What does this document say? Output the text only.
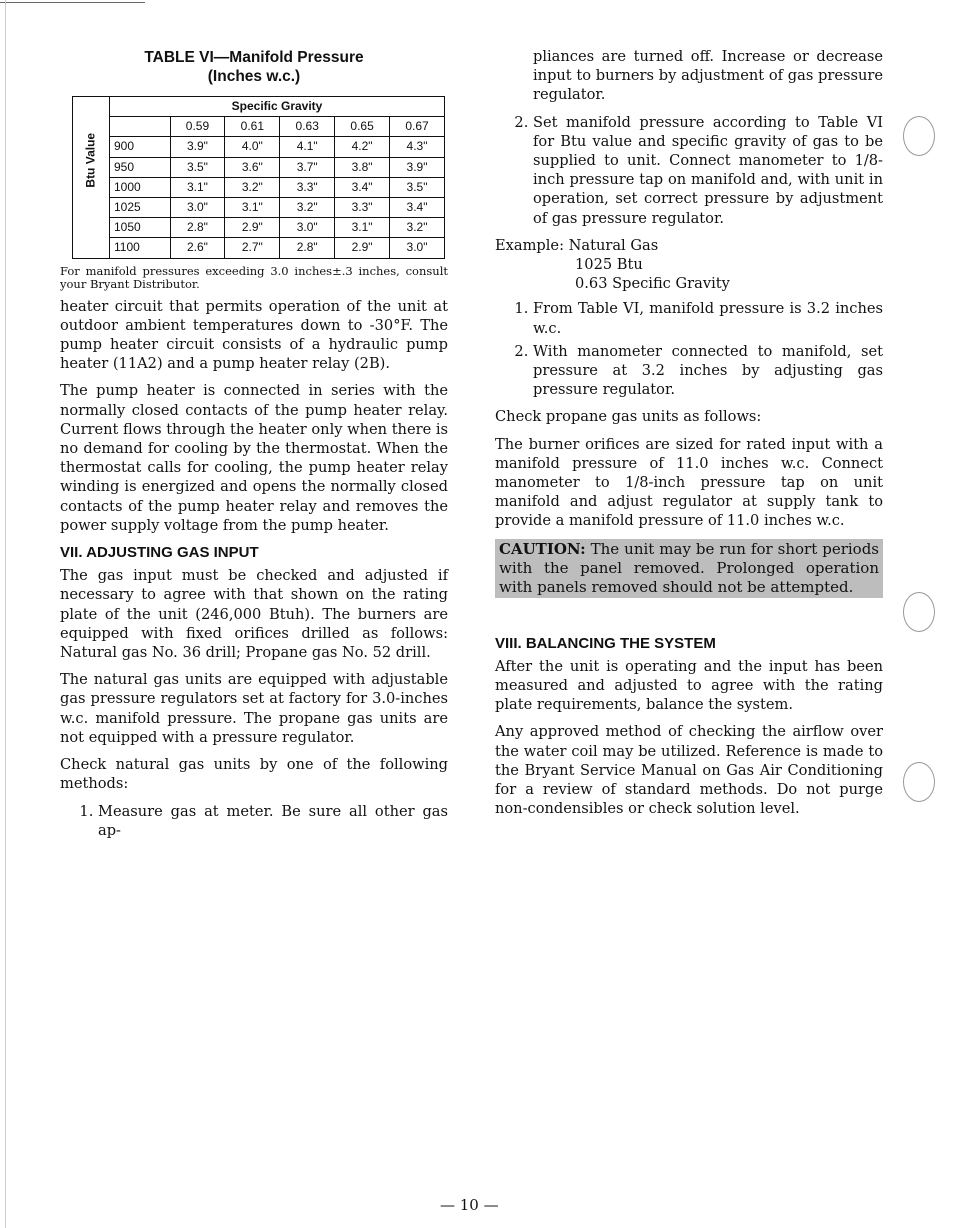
TABLE VI—Manifold Pressure
(Inches w.c.)
Btu Value	Specific Gravity					
		0.59	0.61	0.63	0.65	0.67
	900	3.9"	4.0"	4.1"	4.2"	4.3"
	950	3.5"	3.6"	3.7"	3.8"	3.9"
	1000	3.1"	3.2"	3.3"	3.4"	3.5"
	1025	3.0"	3.1"	3.2"	3.3"	3.4"
	1050	2.8"	2.9"	3.0"	3.1"	3.2"
	1100	2.6"	2.7"	2.8"	2.9"	3.0"
For manifold pressures exceeding 3.0 inches±.3 inches, consult your Bryant Distributor.

heater circuit that permits operation of the unit at outdoor ambient temperatures down to -30°F. The pump heater circuit consists of a hydraulic pump heater (11A2) and a pump heater relay (2B).

The pump heater is connected in series with the normally closed contacts of the pump heater relay. Current flows through the heater only when there is no demand for cooling by the thermostat. When the thermostat calls for cooling, the pump heater relay winding is energized and opens the normally closed contacts of the pump heater relay and removes the power supply voltage from the pump heater.

VII. ADJUSTING GAS INPUT

The gas input must be checked and adjusted if necessary to agree with that shown on the rating plate of the unit (246,000 Btuh). The burners are equipped with fixed orifices drilled as follows: Natural gas No. 36 drill; Propane gas No. 52 drill.

The natural gas units are equipped with adjustable gas pressure regulators set at factory for 3.0-inches w.c. manifold pressure. The propane gas units are not equipped with a pressure regulator.

Check natural gas units by one of the following methods:

1. Measure gas at meter. Be sure all other gas ap-

pliances are turned off. Increase or decrease input to burners by adjustment of gas pressure regulator.

2. Set manifold pressure according to Table VI for Btu value and specific gravity of gas to be supplied to unit. Connect manometer to 1/8-inch pressure tap on manifold and, with unit in operation, set correct pressure by adjustment of gas pressure regulator.
Example: Natural Gas
1025 Btu
0.63 Specific Gravity
1. From Table VI, manifold pressure is 3.2 inches w.c.
2. With manometer connected to manifold, set pressure at 3.2 inches by adjusting gas pressure regulator.

Check propane gas units as follows:

The burner orifices are sized for rated input with a manifold pressure of 11.0 inches w.c. Connect manometer to 1/8-inch pressure tap on unit manifold and adjust regulator at supply tank to provide a manifold pressure of 11.0 inches w.c.

CAUTION: The unit may be run for short periods with the panel removed. Prolonged operation with panels removed should not be attempted.
VIII. BALANCING THE SYSTEM

After the unit is operating and the input has been measured and adjusted to agree with the rating plate requirements, balance the system.

Any approved method of checking the airflow over the water coil may be utilized. Reference is made to the Bryant Service Manual on Gas Air Conditioning for a review of standard methods. Do not purge non-condensibles or check solution level.

— 10 —
